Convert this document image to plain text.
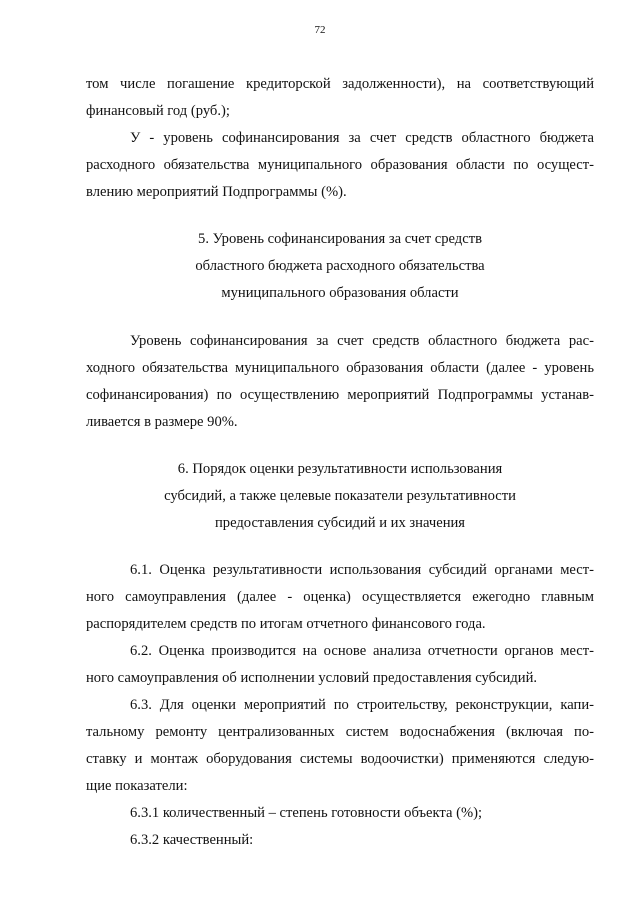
72
том числе погашение кредиторской задолженности), на соответствующий
финансовый год (руб.);
У - уровень софинансирования за счет средств областного бюджета
расходного обязательства муниципального образования области по осущест-
влению мероприятий Подпрограммы (%).
5. Уровень софинансирования за счет средств
областного бюджета расходного обязательства
муниципального образования области
Уровень софинансирования за счет средств областного бюджета рас-
ходного обязательства муниципального образования области (далее - уровень
софинансирования) по осуществлению мероприятий Подпрограммы устанав-
ливается в размере 90%.
6. Порядок оценки результативности использования
субсидий, а также целевые показатели результативности
предоставления субсидий и их значения
6.1. Оценка результативности использования субсидий органами мест-
ного самоуправления (далее - оценка) осуществляется ежегодно главным
распорядителем средств по итогам отчетного финансового года.
6.2. Оценка производится на основе анализа отчетности органов мест-
ного самоуправления об исполнении условий предоставления субсидий.
6.3. Для оценки мероприятий по строительству, реконструкции, капи-
тальному ремонту централизованных систем водоснабжения (включая по-
ставку и монтаж оборудования системы водоочистки) применяются следую-
щие показатели:
6.3.1 количественный – степень готовности объекта (%);
6.3.2 качественный:
